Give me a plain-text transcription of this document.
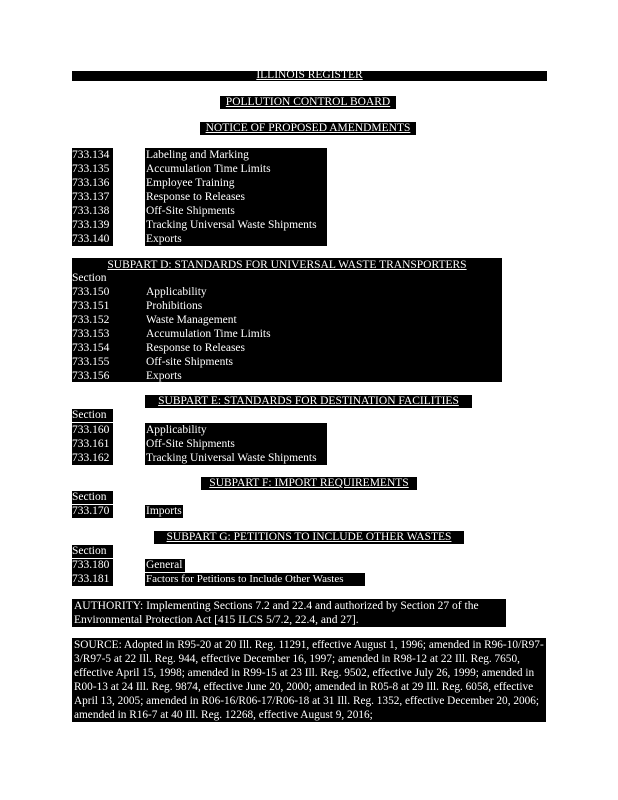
ILLINOIS REGISTER
POLLUTION CONTROL BOARD
NOTICE OF PROPOSED AMENDMENTS
733.134	Labeling and Marking
733.135	Accumulation Time Limits
733.136	Employee Training
733.137	Response to Releases
733.138	Off-Site Shipments
733.139	Tracking Universal Waste Shipments
733.140	Exports
SUBPART D: STANDARDS FOR UNIVERSAL WASTE TRANSPORTERS
Section
733.150	Applicability
733.151	Prohibitions
733.152	Waste Management
733.153	Accumulation Time Limits
733.154	Response to Releases
733.155	Off-site Shipments
733.156	Exports
SUBPART E: STANDARDS FOR DESTINATION FACILITIES
Section
733.160	Applicability
733.161	Off-Site Shipments
733.162	Tracking Universal Waste Shipments
SUBPART F: IMPORT REQUIREMENTS
Section
733.170	Imports
SUBPART G: PETITIONS TO INCLUDE OTHER WASTES
Section
733.180	General
733.181	Factors for Petitions to Include Other Wastes
AUTHORITY: Implementing Sections 7.2 and 22.4 and authorized by Section 27 of the Environmental Protection Act [415 ILCS 5/7.2, 22.4, and 27].
SOURCE: Adopted in R95-20 at 20 Ill. Reg. 11291, effective August 1, 1996; amended in R96-10/R97-3/R97-5 at 22 Ill. Reg. 944, effective December 16, 1997; amended in R98-12 at 22 Ill. Reg. 7650, effective April 15, 1998; amended in R99-15 at 23 Ill. Reg. 9502, effective July 26, 1999; amended in R00-13 at 24 Ill. Reg. 9874, effective June 20, 2000; amended in R05-8 at 29 Ill. Reg. 6058, effective April 13, 2005; amended in R06-16/R06-17/R06-18 at 31 Ill. Reg. 1352, effective December 20, 2006; amended in R16-7 at 40 Ill. Reg. 12268, effective August 9, 2016;
